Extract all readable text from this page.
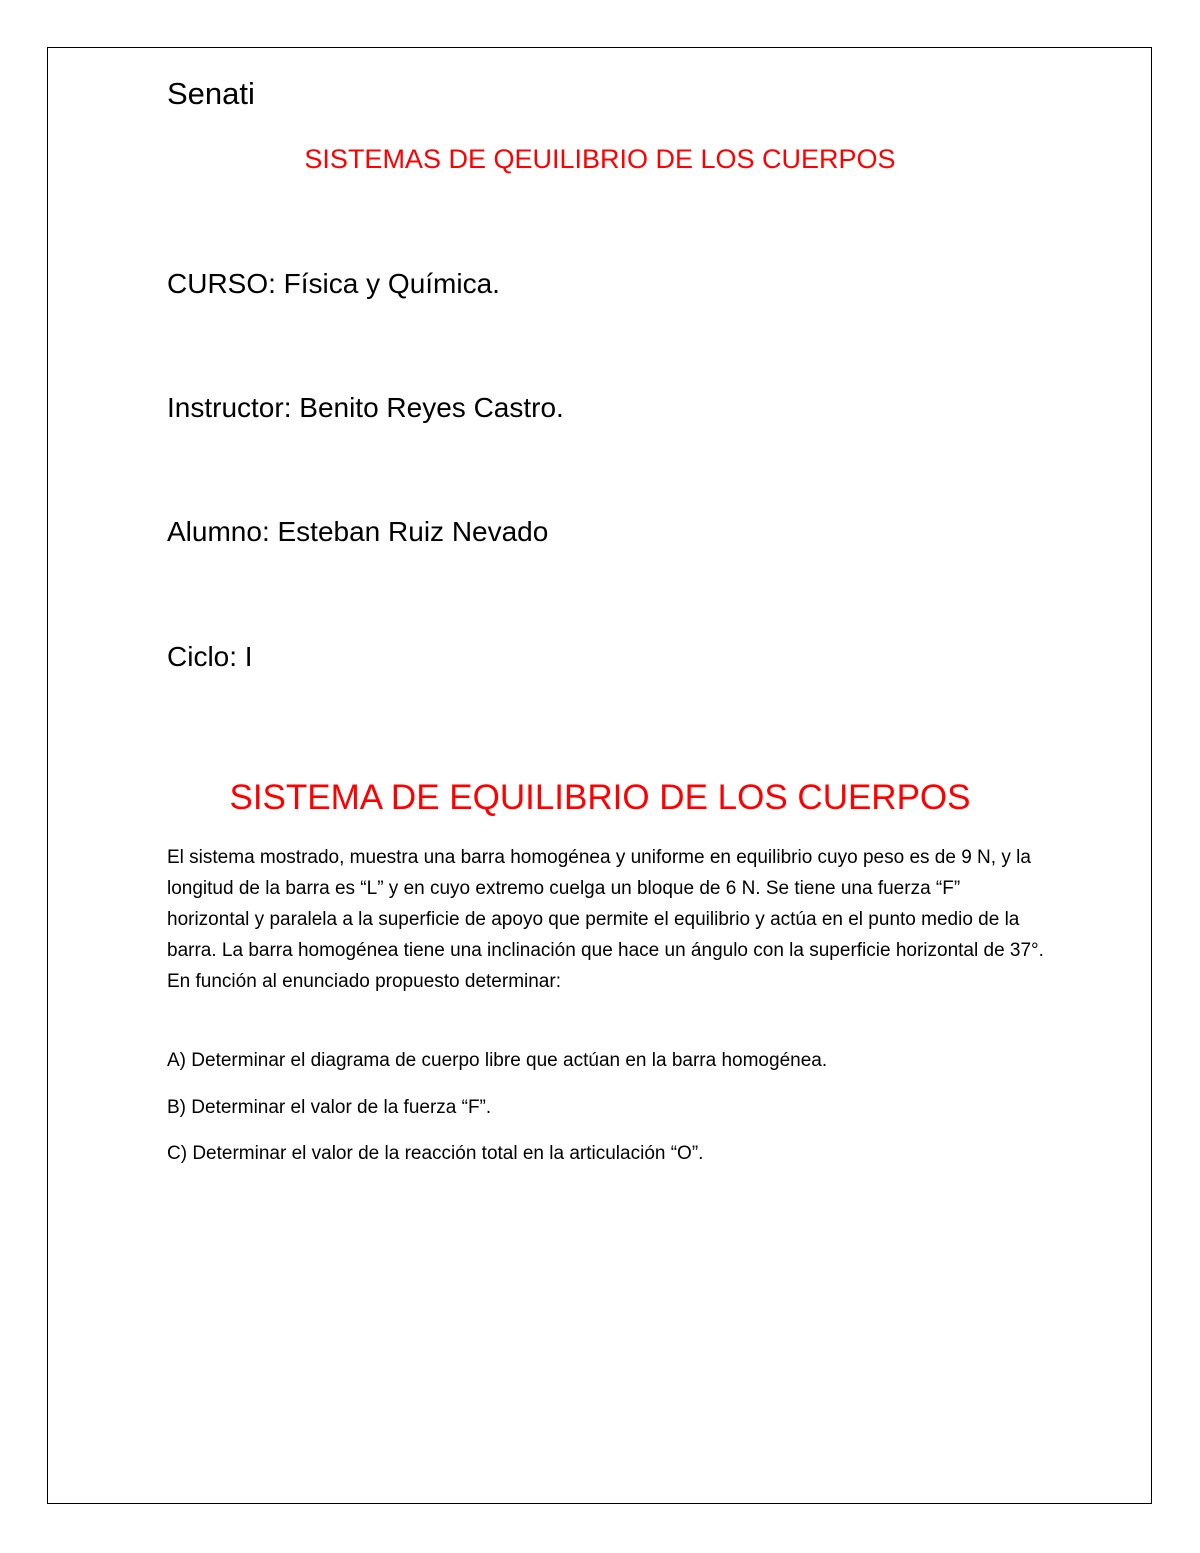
Senati

SISTEMAS DE QEUILIBRIO DE LOS CUERPOS

CURSO: Física y Química.

Instructor: Benito Reyes Castro.

Alumno: Esteban Ruiz Nevado

Ciclo: I

SISTEMA DE EQUILIBRIO DE LOS CUERPOS

El sistema mostrado, muestra una barra homogénea y uniforme en equilibrio cuyo peso es de 9 N, y la longitud de la barra es “L” y en cuyo extremo cuelga un bloque de 6 N. Se tiene una fuerza “F” horizontal y paralela a la superficie de apoyo que permite el equilibrio y actúa en el punto medio de la barra. La barra homogénea tiene una inclinación que hace un ángulo con la superficie horizontal de 37°. En función al enunciado propuesto determinar:

A) Determinar el diagrama de cuerpo libre que actúan en la barra homogénea.

B) Determinar el valor de la fuerza “F”.

C) Determinar el valor de la reacción total en la articulación “O”.
